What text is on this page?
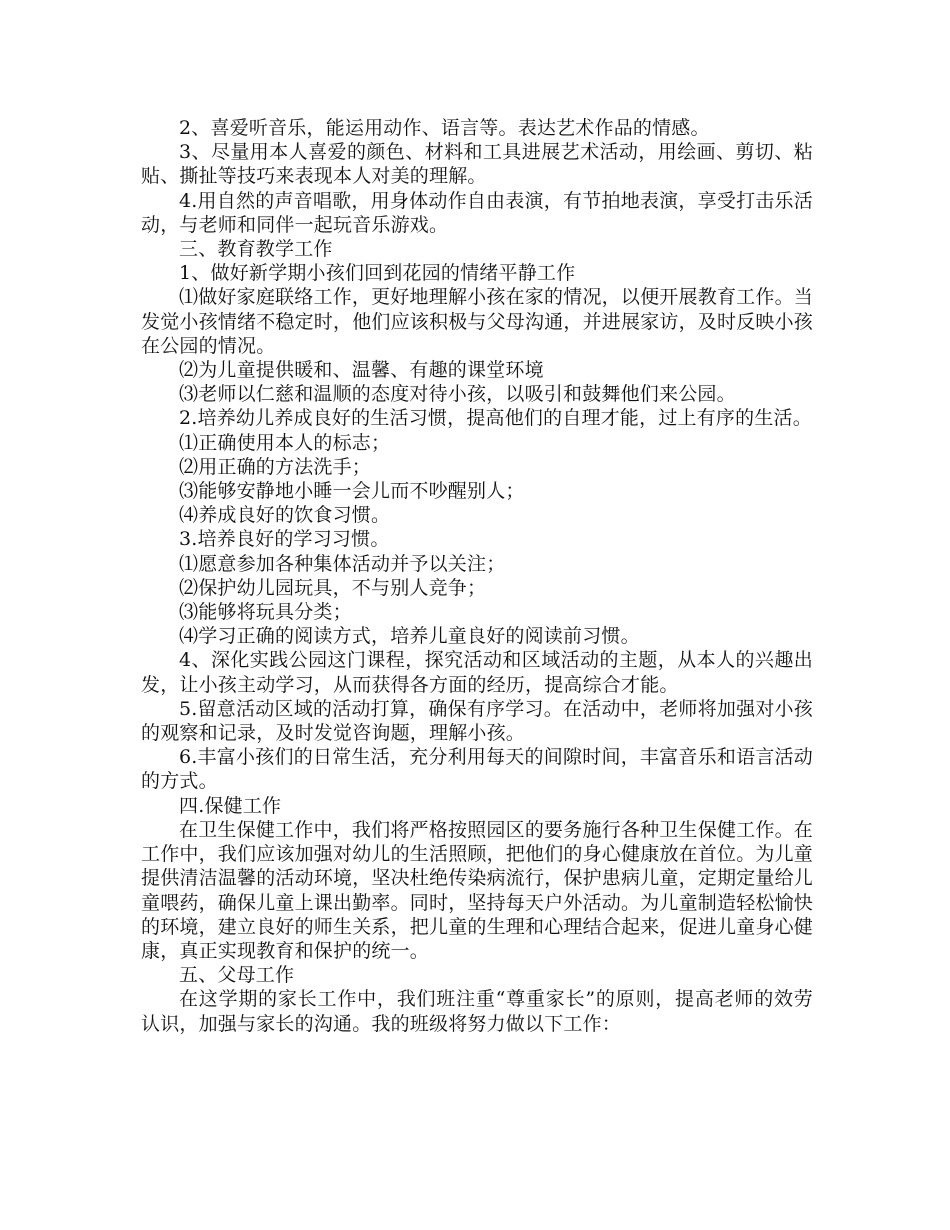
2、喜爱听音乐，能运用动作、语言等。表达艺术作品的情感。

3、尽量用本人喜爱的颜色、材料和工具进展艺术活动，用绘画、剪切、粘贴、撕扯等技巧来表现本人对美的理解。

4.用自然的声音唱歌，用身体动作自由表演，有节拍地表演，享受打击乐活动，与老师和同伴一起玩音乐游戏。

三、教育教学工作

1、做好新学期小孩们回到花园的情绪平静工作

⑴做好家庭联络工作，更好地理解小孩在家的情况，以便开展教育工作。当发觉小孩情绪不稳定时，他们应该积极与父母沟通，并进展家访，及时反映小孩在公园的情况。

⑵为儿童提供暖和、温馨、有趣的课堂环境

⑶老师以仁慈和温顺的态度对待小孩，以吸引和鼓舞他们来公园。

2.培养幼儿养成良好的生活习惯，提高他们的自理才能，过上有序的生活。

⑴正确使用本人的标志；

⑵用正确的方法洗手；

⑶能够安静地小睡一会儿而不吵醒别人；

⑷养成良好的饮食习惯。

3.培养良好的学习习惯。

⑴愿意参加各种集体活动并予以关注；

⑵保护幼儿园玩具，不与别人竞争；

⑶能够将玩具分类；

⑷学习正确的阅读方式，培养儿童良好的阅读前习惯。

4、深化实践公园这门课程，探究活动和区域活动的主题，从本人的兴趣出发，让小孩主动学习，从而获得各方面的经历，提高综合才能。

5.留意活动区域的活动打算，确保有序学习。在活动中，老师将加强对小孩的观察和记录，及时发觉咨询题，理解小孩。

6.丰富小孩们的日常生活，充分利用每天的间隙时间，丰富音乐和语言活动的方式。

四.保健工作

在卫生保健工作中，我们将严格按照园区的要务施行各种卫生保健工作。在工作中，我们应该加强对幼儿的生活照顾，把他们的身心健康放在首位。为儿童提供清洁温馨的活动环境，坚决杜绝传染病流行，保护患病儿童，定期定量给儿童喂药，确保儿童上课出勤率。同时，坚持每天户外活动。为儿童制造轻松愉快的环境，建立良好的师生关系，把儿童的生理和心理结合起来，促进儿童身心健康，真正实现教育和保护的统一。

五、父母工作

在这学期的家长工作中，我们班注重“尊重家长”的原则，提高老师的效劳认识，加强与家长的沟通。我的班级将努力做以下工作：
